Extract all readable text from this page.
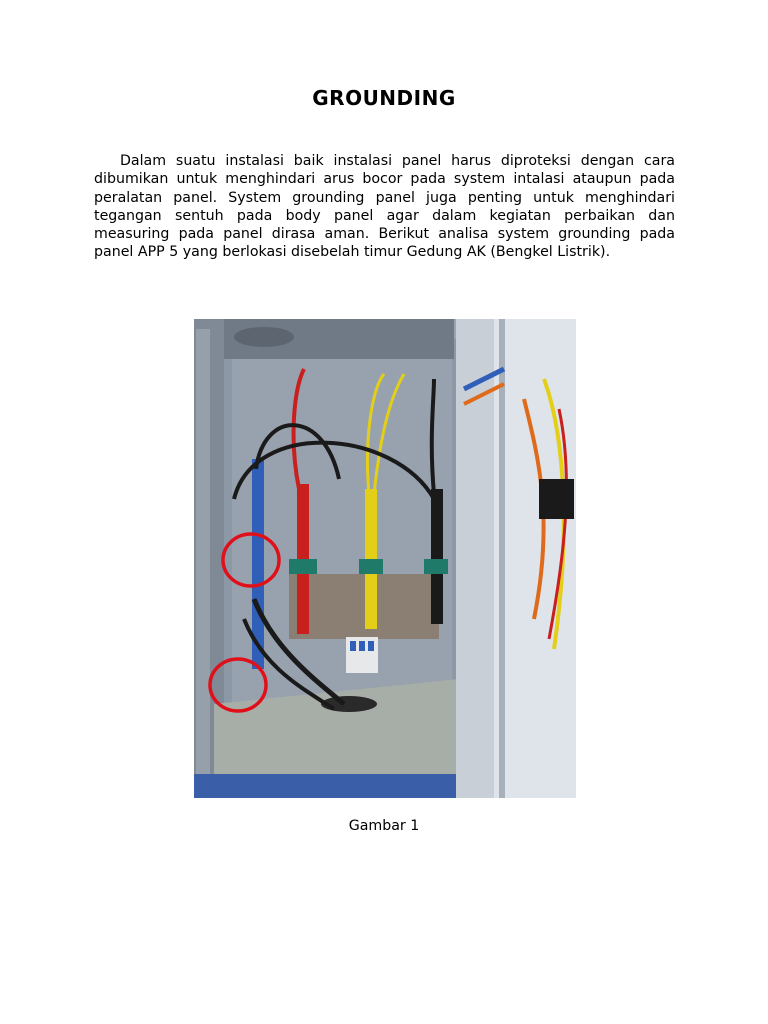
GROUNDING

Dalam suatu instalasi baik instalasi panel harus diproteksi dengan cara dibumikan untuk menghindari arus bocor pada system intalasi ataupun pada peralatan panel. System grounding panel juga penting untuk menghindari tegangan sentuh pada body panel agar dalam kegiatan perbaikan dan measuring pada panel dirasa aman. Berikut analisa system grounding pada panel APP 5 yang berlokasi disebelah timur Gedung AK (Bengkel Listrik).

Gambar 1
